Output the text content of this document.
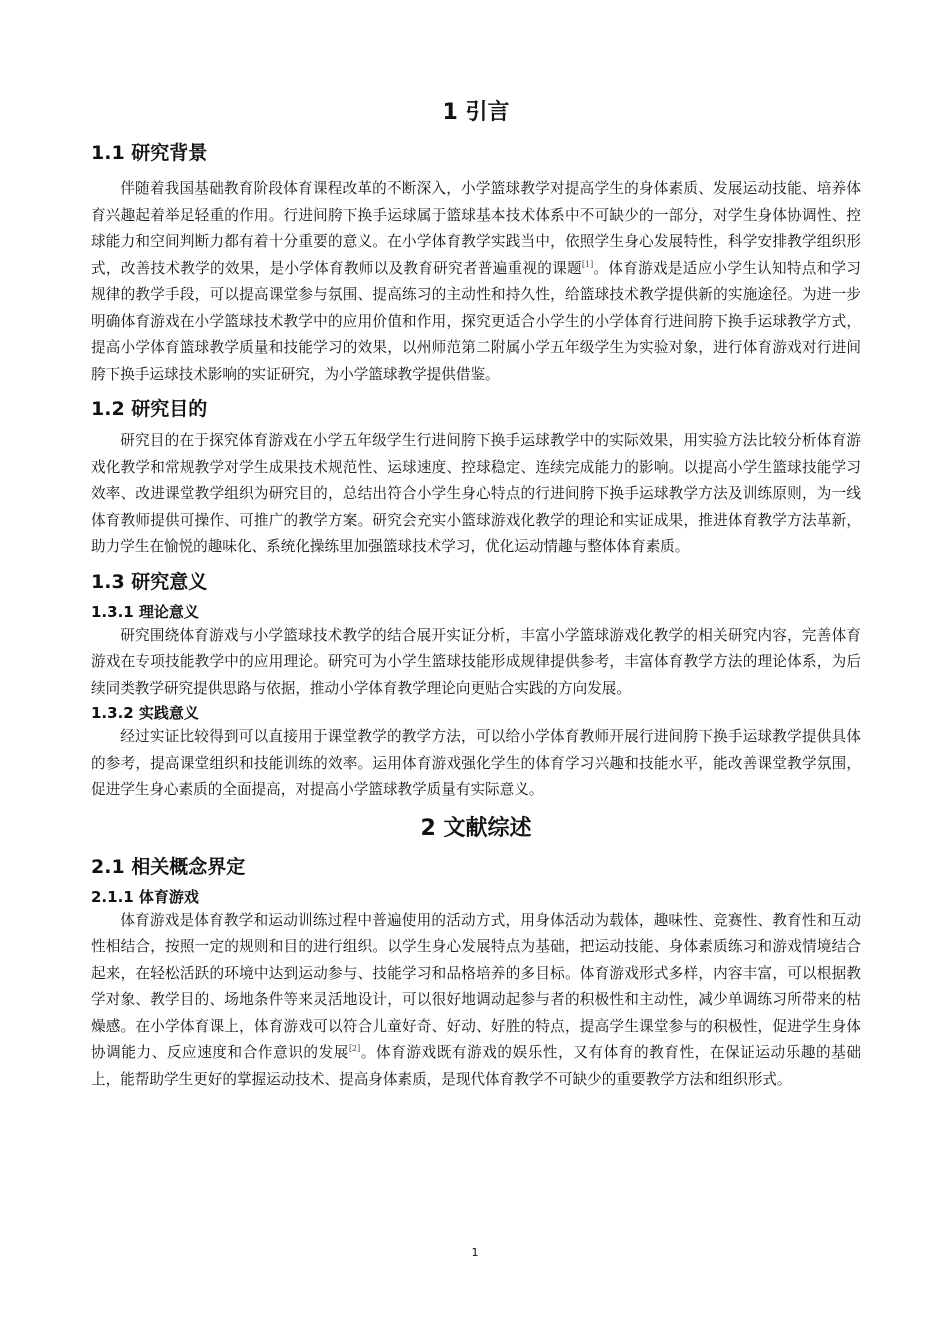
1 引言
1.1 研究背景

伴随着我国基础教育阶段体育课程改革的不断深入，小学篮球教学对提高学生的身体素质、发展运动技能、培养体育兴趣起着举足轻重的作用。行进间胯下换手运球属于篮球基本技术体系中不可缺少的一部分，对学生身体协调性、控球能力和空间判断力都有着十分重要的意义。在小学体育教学实践当中，依照学生身心发展特性，科学安排教学组织形式，改善技术教学的效果，是小学体育教师以及教育研究者普遍重视的课题[1]。体育游戏是适应小学生认知特点和学习规律的教学手段，可以提高课堂参与氛围、提高练习的主动性和持久性，给篮球技术教学提供新的实施途径。为进一步明确体育游戏在小学篮球技术教学中的应用价值和作用，探究更适合小学生的小学体育行进间胯下换手运球教学方式，提高小学体育篮球教学质量和技能学习的效果，以州师范第二附属小学五年级学生为实验对象，进行体育游戏对行进间胯下换手运球技术影响的实证研究，为小学篮球教学提供借鉴。

1.2 研究目的

研究目的在于探究体育游戏在小学五年级学生行进间胯下换手运球教学中的实际效果，用实验方法比较分析体育游戏化教学和常规教学对学生成果技术规范性、运球速度、控球稳定、连续完成能力的影响。以提高小学生篮球技能学习效率、改进课堂教学组织为研究目的，总结出符合小学生身心特点的行进间胯下换手运球教学方法及训练原则，为一线体育教师提供可操作、可推广的教学方案。研究会充实小篮球游戏化教学的理论和实证成果，推进体育教学方法革新，助力学生在愉悦的趣味化、系统化操练里加强篮球技术学习，优化运动情趣与整体体育素质。

1.3 研究意义
1.3.1 理论意义

研究围绕体育游戏与小学篮球技术教学的结合展开实证分析，丰富小学篮球游戏化教学的相关研究内容，完善体育游戏在专项技能教学中的应用理论。研究可为小学生篮球技能形成规律提供参考，丰富体育教学方法的理论体系，为后续同类教学研究提供思路与依据，推动小学体育教学理论向更贴合实践的方向发展。

1.3.2 实践意义

经过实证比较得到可以直接用于课堂教学的教学方法，可以给小学体育教师开展行进间胯下换手运球教学提供具体的参考，提高课堂组织和技能训练的效率。运用体育游戏强化学生的体育学习兴趣和技能水平，能改善课堂教学氛围，促进学生身心素质的全面提高，对提高小学篮球教学质量有实际意义。

2 文献综述
2.1 相关概念界定
2.1.1 体育游戏

体育游戏是体育教学和运动训练过程中普遍使用的活动方式，用身体活动为载体，趣味性、竞赛性、教育性和互动性相结合，按照一定的规则和目的进行组织。以学生身心发展特点为基础，把运动技能、身体素质练习和游戏情境结合起来，在轻松活跃的环境中达到运动参与、技能学习和品格培养的多目标。体育游戏形式多样，内容丰富，可以根据教学对象、教学目的、场地条件等来灵活地设计，可以很好地调动起参与者的积极性和主动性，减少单调练习所带来的枯燥感。在小学体育课上，体育游戏可以符合儿童好奇、好动、好胜的特点，提高学生课堂参与的积极性，促进学生身体协调能力、反应速度和合作意识的发展[2]。体育游戏既有游戏的娱乐性，又有体育的教育性，在保证运动乐趣的基础上，能帮助学生更好的掌握运动技术、提高身体素质，是现代体育教学不可缺少的重要教学方法和组织形式。

1
